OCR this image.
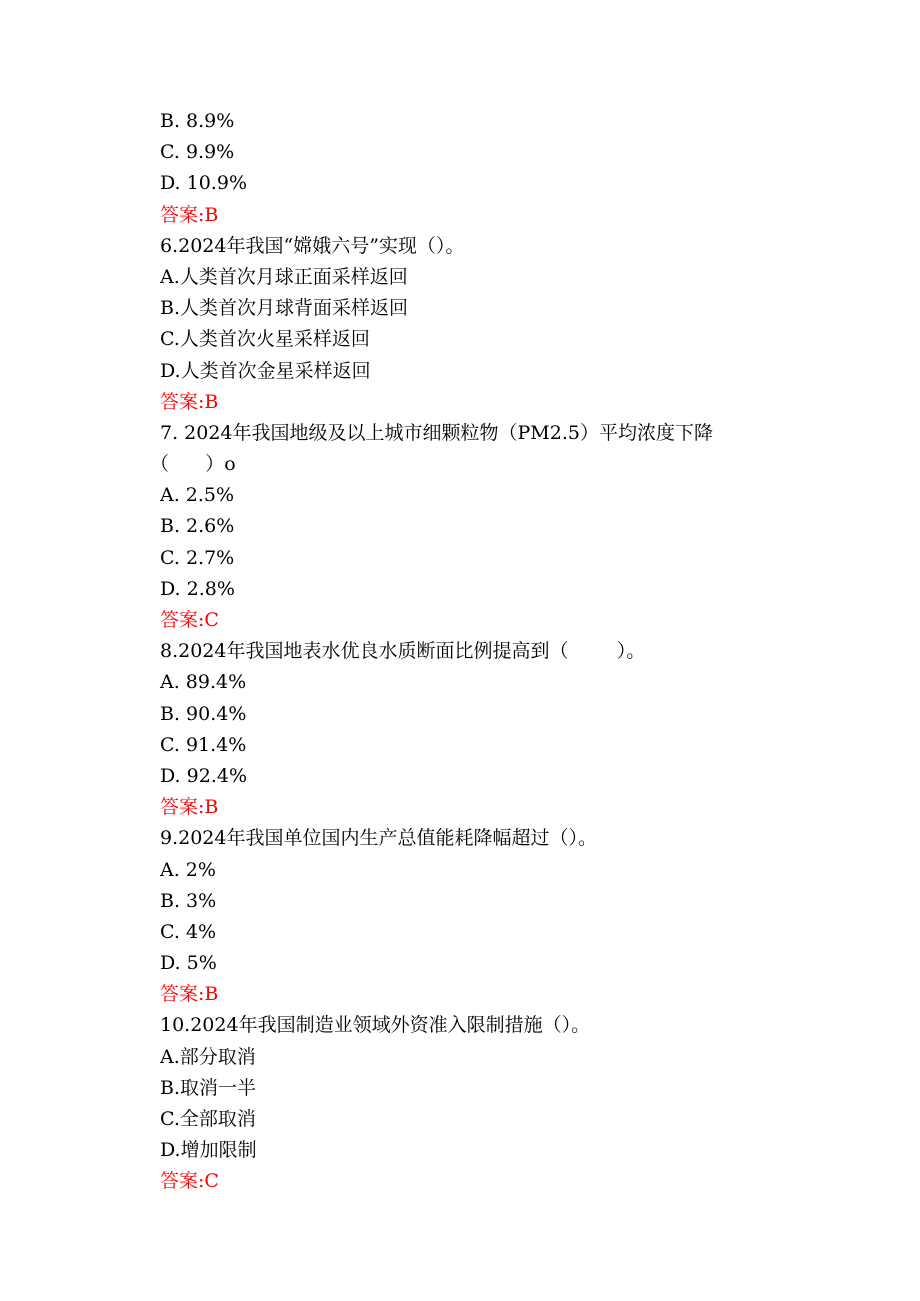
B. 8.9%
C. 9.9%
D. 10.9%
答案:B
6.2024年我国“嫦娥六号”实现（）。
A.人类首次月球正面采样返回
B.人类首次月球背面采样返回
C.人类首次火星采样返回
D.人类首次金星采样返回
答案:B
7. 2024年我国地级及以上城市细颗粒物（PM2.5）平均浓度下降
（      ）o
A. 2.5%
B. 2.6%
C. 2.7%
D. 2.8%
答案:C
8.2024年我国地表水优良水质断面比例提高到（        ）。
A. 89.4%
B. 90.4%
C. 91.4%
D. 92.4%
答案:B
9.2024年我国单位国内生产总值能耗降幅超过（）。
A. 2%
B. 3%
C. 4%
D. 5%
答案:B
10.2024年我国制造业领域外资准入限制措施（）。
A.部分取消
B.取消一半
C.全部取消
D.增加限制
答案:C
